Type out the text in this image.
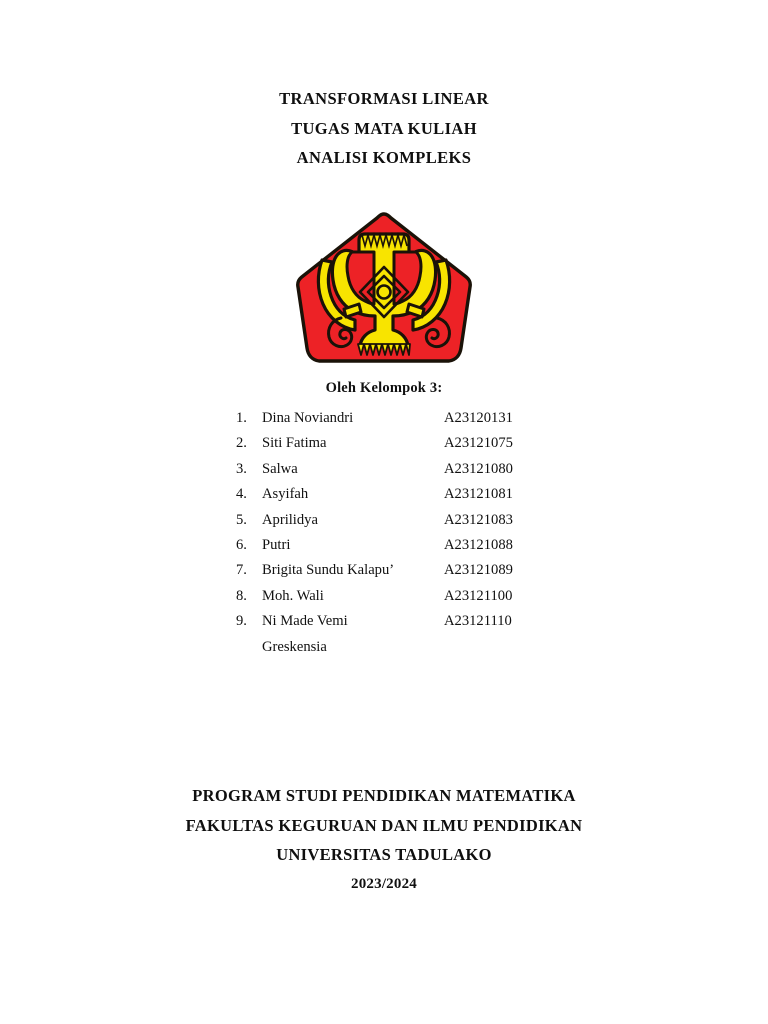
TRANSFORMASI LINEAR
TUGAS MATA KULIAH
ANALISI KOMPLEKS
Oleh Kelompok 3:
1.	Dina Noviandri	A23120131
2.	Siti Fatima	A23121075
3.	Salwa	A23121080
4.	Asyifah	A23121081
5.	Aprilidya	A23121083
6.	Putri	A23121088
7.	Brigita Sundu Kalapu’	A23121089
8.	Moh. Wali	A23121100
9.	Ni Made Vemi	A23121110
Greskensia
PROGRAM STUDI PENDIDIKAN MATEMATIKA
FAKULTAS KEGURUAN DAN ILMU PENDIDIKAN
UNIVERSITAS TADULAKO
2023/2024
